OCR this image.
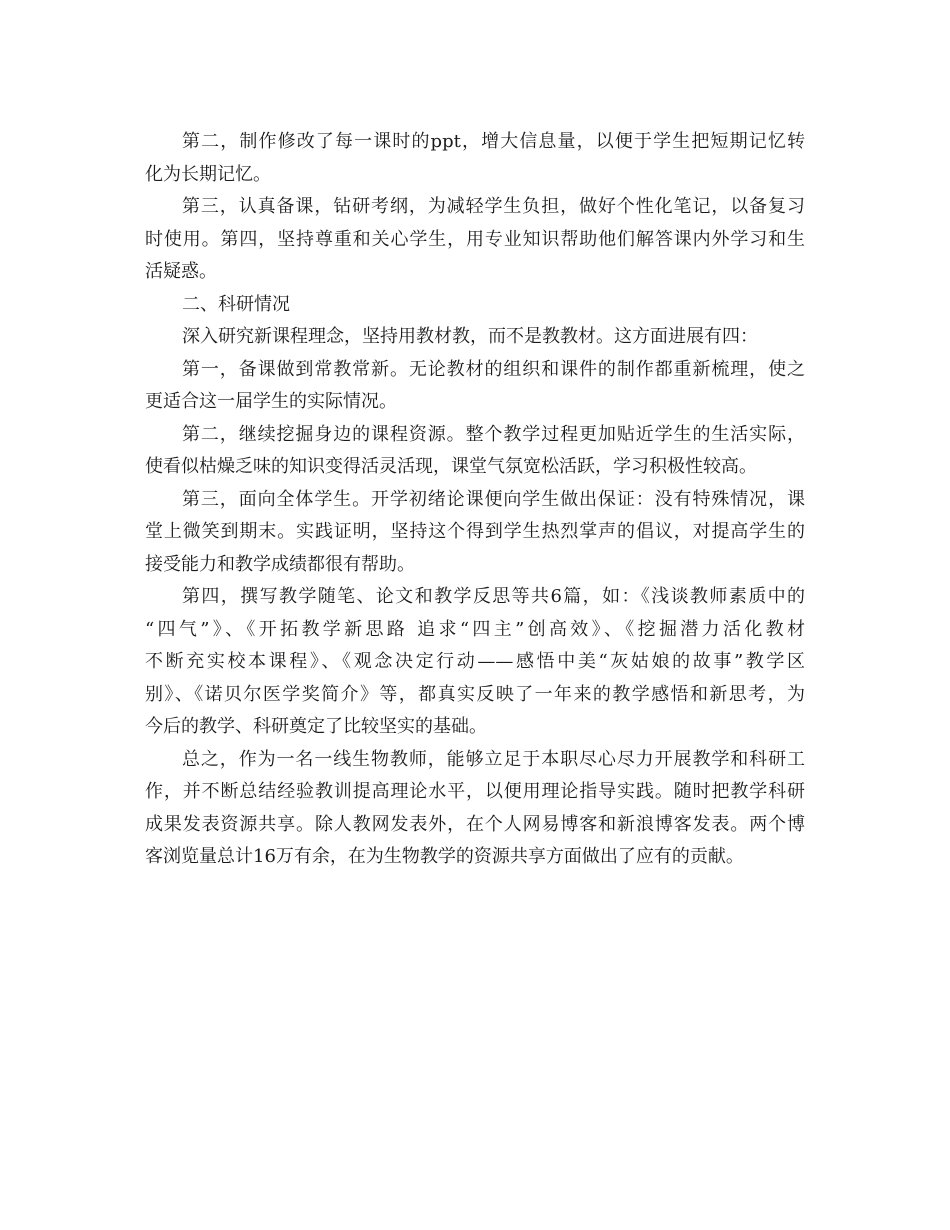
第二，制作修改了每一课时的ppt，增大信息量，以便于学生把短期记忆转
化为长期记忆。
第三，认真备课，钻研考纲，为减轻学生负担，做好个性化笔记，以备复习
时使用。第四，坚持尊重和关心学生，用专业知识帮助他们解答课内外学习和生
活疑惑。
二、科研情况
深入研究新课程理念，坚持用教材教，而不是教教材。这方面进展有四：
第一，备课做到常教常新。无论教材的组织和课件的制作都重新梳理，使之
更适合这一届学生的实际情况。
第二，继续挖掘身边的课程资源。整个教学过程更加贴近学生的生活实际，
使看似枯燥乏味的知识变得活灵活现，课堂气氛宽松活跃，学习积极性较高。
第三，面向全体学生。开学初绪论课便向学生做出保证：没有特殊情况，课
堂上微笑到期末。实践证明，坚持这个得到学生热烈掌声的倡议，对提高学生的
接受能力和教学成绩都很有帮助。
第四，撰写教学随笔、论文和教学反思等共6篇，如：《浅谈教师素质中的
“四气”》、《开拓教学新思路 追求“四主”创高效》、《挖掘潜力活化教材
不断充实校本课程》、《观念决定行动——感悟中美“灰姑娘的故事”教学区
别》、《诺贝尔医学奖简介》等，都真实反映了一年来的教学感悟和新思考，为
今后的教学、科研奠定了比较坚实的基础。
总之，作为一名一线生物教师，能够立足于本职尽心尽力开展教学和科研工
作，并不断总结经验教训提高理论水平，以便用理论指导实践。随时把教学科研
成果发表资源共享。除人教网发表外，在个人网易博客和新浪博客发表。两个博
客浏览量总计16万有余，在为生物教学的资源共享方面做出了应有的贡献。
